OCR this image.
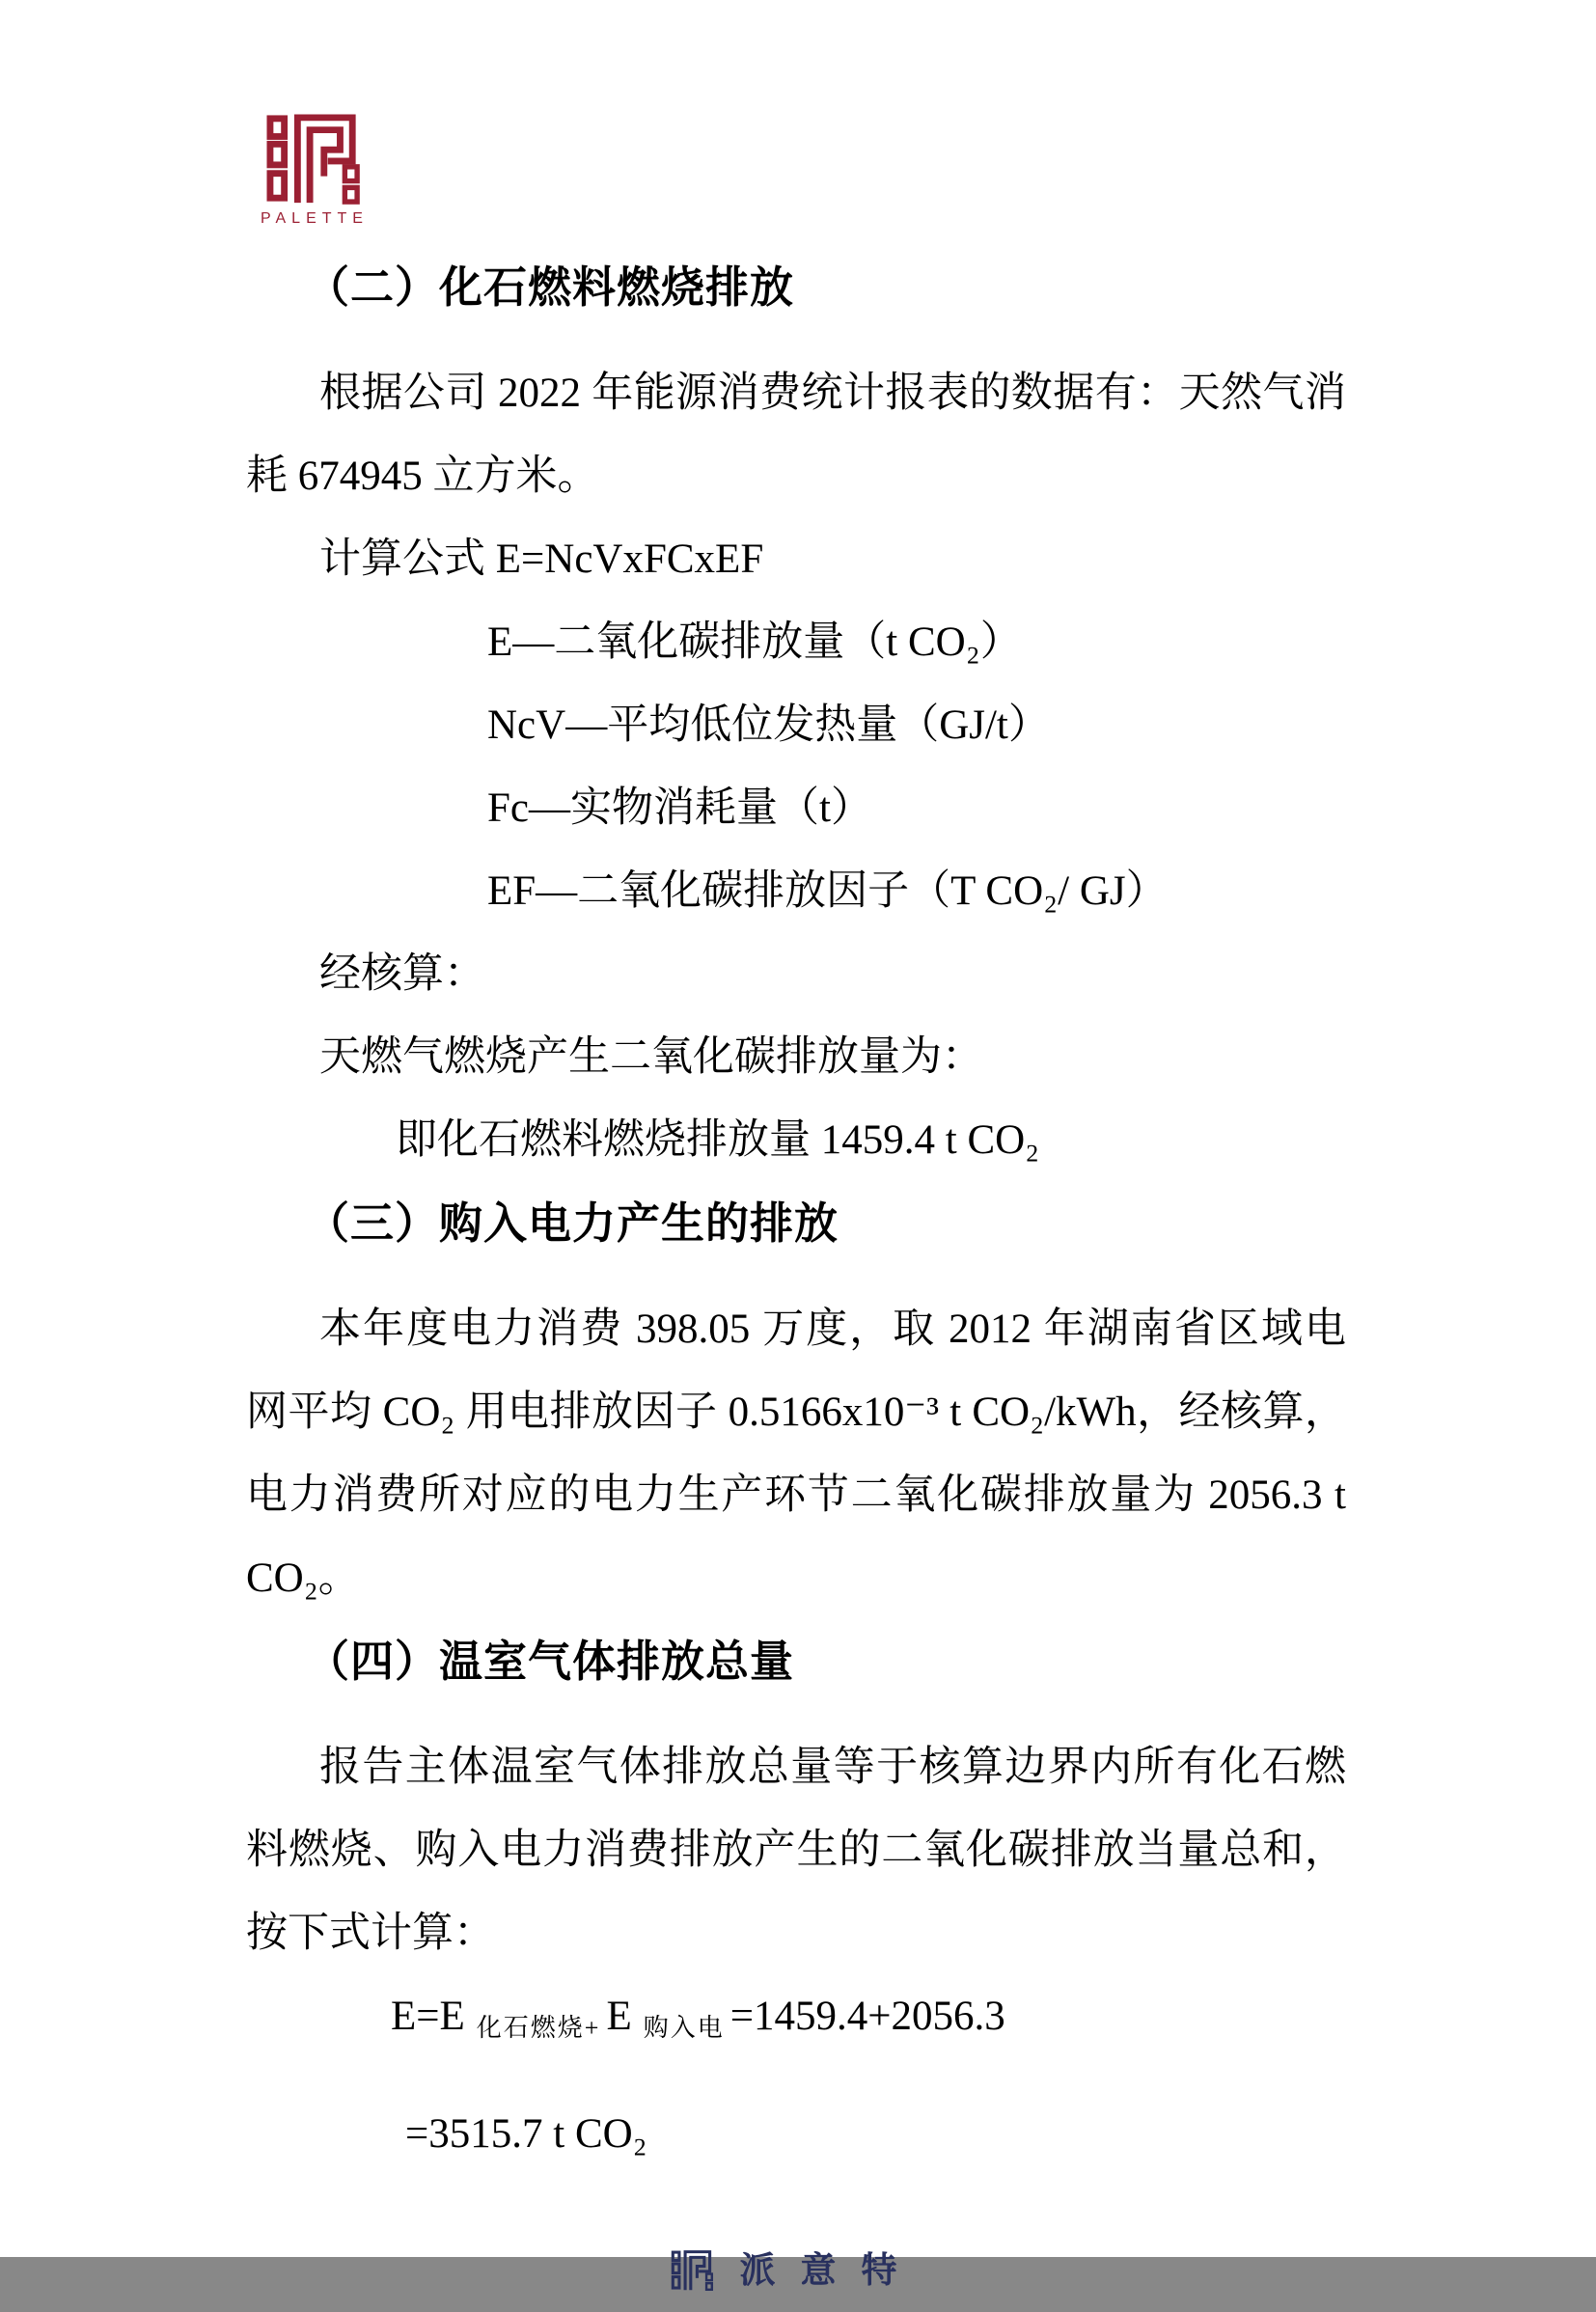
PALETTE
（二）化石燃料燃烧排放

根据公司 2022 年能源消费统计报表的数据有：天然气消耗 674945 立方米。

计算公式 E=NcVxFCxEF
E—二氧化碳排放量（t CO₂）
NcV—平均低位发热量（GJ/t）
Fc—实物消耗量（t）
EF—二氧化碳排放因子（T CO₂/ GJ）
经核算：
天燃气燃烧产生二氧化碳排放量为：
即化石燃料燃烧排放量 1459.4 t CO₂
（三）购入电力产生的排放

本年度电力消费 398.05 万度，取 2012 年湖南省区域电网平均 CO₂ 用电排放因子 0.5166x10⁻³ t CO₂/kWh，经核算，电力消费所对应的电力生产环节二氧化碳排放量为 2056.3 t CO₂。

（四）温室气体排放总量

报告主体温室气体排放总量等于核算边界内所有化石燃料燃烧、购入电力消费排放产生的二氧化碳排放当量总和，按下式计算：

E=E 化石燃烧+ E 购入电 =1459.4+2056.3
=3515.7 t CO₂
派意特
